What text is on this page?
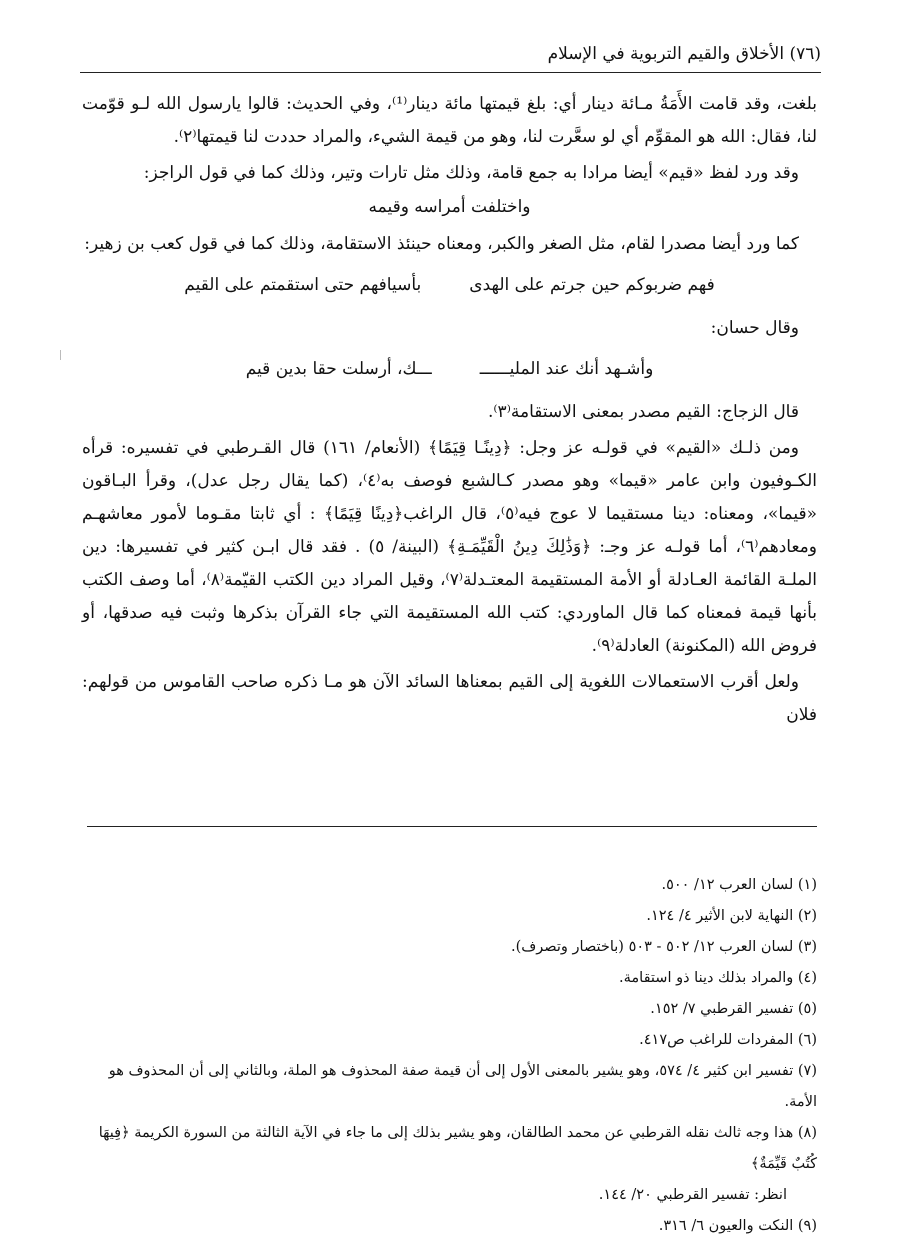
(٧٦) الأخلاق والقيم التربوية في الإسلام

بلغت، وقد قامت الأَمَةُ مـائة دينار أي: بلغ قيمتها مائة دينار⁽¹⁾، وفي الحديث: قالوا يارسول الله لـو قوّمت لنا، فقال: الله هو المقوِّم أي لو سعَّرت لنا، وهو من قيمة الشيء، والمراد حددت لنا قيمتها⁽٢⁾.

وقد ورد لفظ «قيم» أيضا مرادا به جمع قامة، وذلك مثل تارات وتير، وذلك كما في قول الراجز:

واختلفت أمراسه وقيمه

كما ورد أيضا مصدرا لقام، مثل الصغر والكبر، ومعناه حينئذ الاستقامة، وذلك كما في قول كعب بن زهير:

فهم ضربوكم حين جرتم على الهدى
بأسيافهم حتى استقمتم على القيم

وقال حسان:

وأشـهد أنك عند المليــــــ
ـــك، أرسلت حقا بدين قيم

قال الزجاج: القيم مصدر بمعنى الاستقامة⁽٣⁾.

ومن ذلـك «القيم» في قولـه عز وجل: ﴿دِينًـا قِيَمًا﴾ (الأنعام/ ١٦١) قال القـرطبي في تفسيره: قرأه الكـوفيون وابن عامر «قيما» وهو مصدر كـالشبع فوصف به⁽٤⁾، (كما يقال رجل عدل)، وقرأ البـاقون «قيما»، ومعناه: دينا مستقيما لا عوج فيه⁽٥⁾، قال الراغب﴿دِينًا قِيَمًا﴾ : أي ثابتا مقـوما لأمور معاشهـم ومعادهم⁽٦⁾، أما قولـه عز وجـ: ﴿وَذَٰلِكَ دِينُ الْقَيِّمَـةِ﴾ (البينة/ ٥) . فقد قال ابـن كثير في تفسيرها: دين الملـة القائمة العـادلة أو الأمة المستقيمة المعتـدلة⁽٧⁾، وقيل المراد دين الكتب القيّمة⁽٨⁾، أما وصف الكتب بأنها قيمة فمعناه كما قال الماوردي: كتب الله المستقيمة التي جاء القرآن بذكرها وثبت فيه صدقها، أو فروض الله (المكنونة) العادلة⁽٩⁾.

ولعل أقرب الاستعمالات اللغوية إلى القيم بمعناها السائد الآن هو مـا ذكره صاحب القاموس من قولهم: فلان

(١) لسان العرب ١٢/ ٥٠٠.

(٢) النهاية لابن الأثير ٤/ ١٢٤.

(٣) لسان العرب ١٢/ ٥٠٢ - ٥٠٣ (باختصار وتصرف).

(٤) والمراد بذلك دينا ذو استقامة.

(٥) تفسير القرطبي ٧/ ١٥٢.

(٦) المفردات للراغب ص٤١٧.

(٧) تفسير ابن كثير ٤/ ٥٧٤، وهو يشير بالمعنى الأول إلى أن قيمة صفة المحذوف هو الملة، وبالثاني إلى أن المحذوف هو الأمة.

(٨) هذا وجه ثالث نقله القرطبي عن محمد الطالقان، وهو يشير بذلك إلى ما جاء في الآية الثالثة من السورة الكريمة ﴿فِيهَا كُتُبٌ قَيِّمَةٌ﴾

انظر: تفسير القرطبي ٢٠/ ١٤٤.

(٩) النكت والعيون ٦/ ٣١٦.
